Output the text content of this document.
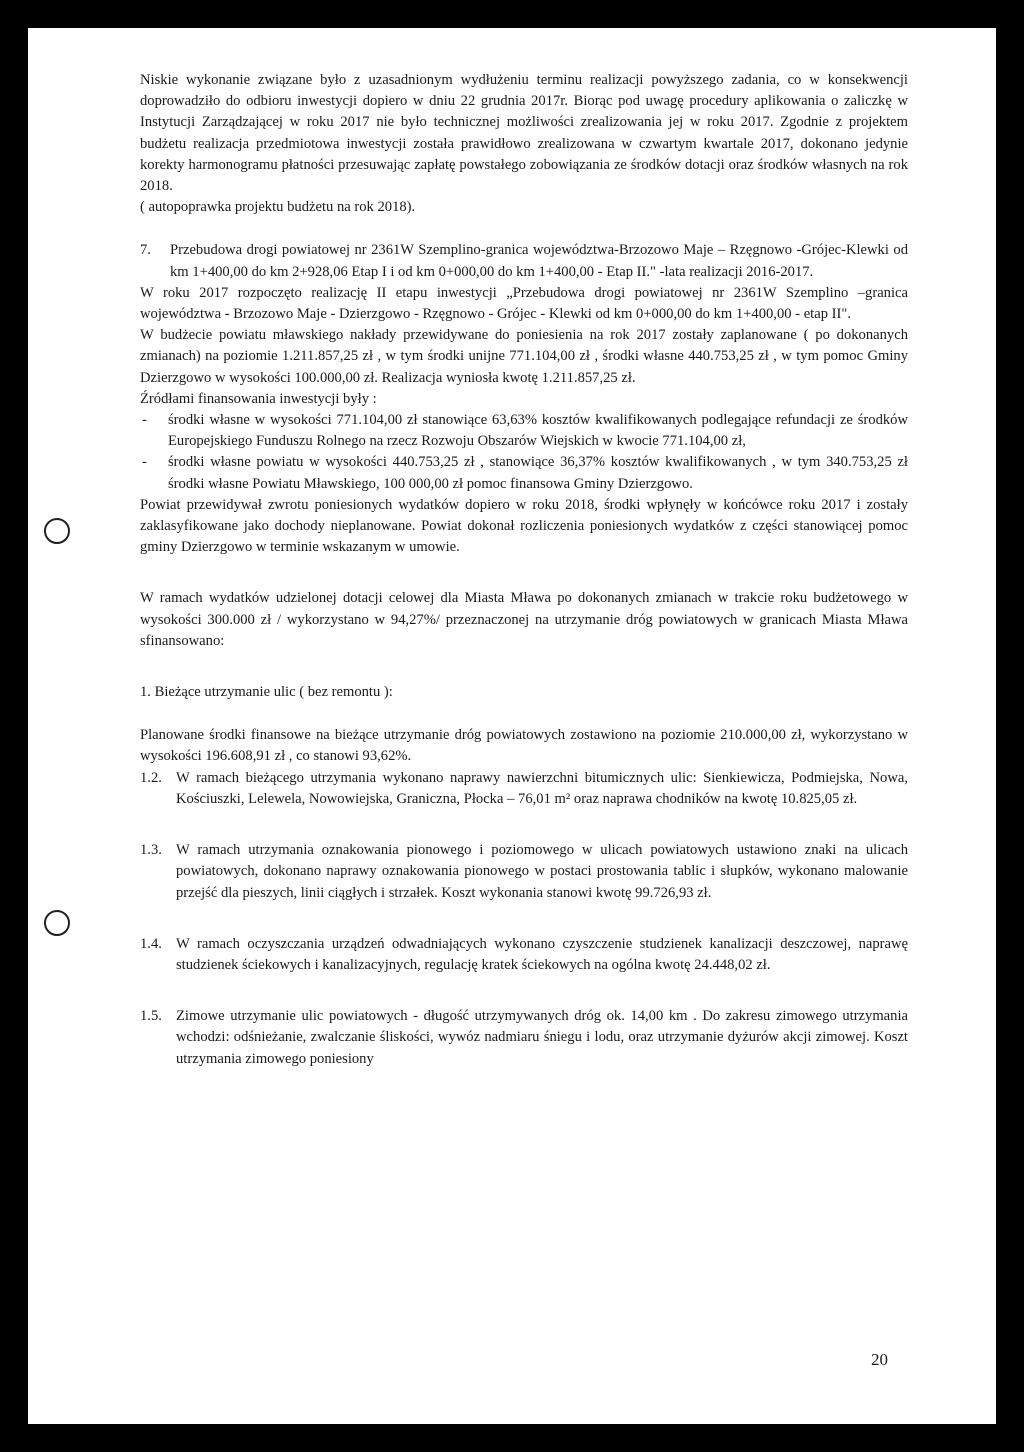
Niskie wykonanie związane było z uzasadnionym wydłużeniu terminu realizacji powyższego zadania, co w konsekwencji doprowadziło do odbioru inwestycji dopiero w dniu 22 grudnia 2017r. Biorąc pod uwagę procedury aplikowania o zaliczkę w Instytucji Zarządzającej w roku 2017 nie było technicznej możliwości zrealizowania jej w roku 2017. Zgodnie z projektem budżetu realizacja przedmiotowa inwestycji została prawidłowo zrealizowana w czwartym kwartale 2017, dokonano jedynie korekty harmonogramu płatności przesuwając zapłatę powstałego zobowiązania ze środków dotacji oraz środków własnych na rok 2018.

( autopoprawka projektu budżetu na rok 2018).

7.	Przebudowa drogi powiatowej nr 2361W Szemplino-granica województwa-Brzozowo Maje – Rzęgnowo -Grójec-Klewki od km 1+400,00 do km 2+928,06 Etap I i od km 0+000,00 do km 1+400,00 - Etap II." -lata realizacji 2016-2017.

W roku 2017 rozpoczęto realizację II etapu inwestycji „Przebudowa drogi powiatowej nr 2361W Szemplino –granica województwa - Brzozowo Maje - Dzierzgowo - Rzęgnowo - Grójec - Klewki od km 0+000,00 do km 1+400,00 - etap II".

W budżecie powiatu mławskiego nakłady przewidywane do poniesienia na rok 2017 zostały zaplanowane ( po dokonanych zmianach) na poziomie 1.211.857,25 zł , w tym środki unijne 771.104,00 zł , środki własne 440.753,25 zł , w tym pomoc Gminy Dzierzgowo w wysokości 100.000,00 zł. Realizacja wyniosła kwotę 1.211.857,25 zł.

Źródłami finansowania inwestycji były :

-	środki własne w wysokości 771.104,00 zł stanowiące 63,63% kosztów kwalifikowanych podlegające refundacji ze środków Europejskiego Funduszu Rolnego na rzecz Rozwoju Obszarów Wiejskich w kwocie 771.104,00 zł,
-	środki własne powiatu w wysokości 440.753,25 zł , stanowiące 36,37% kosztów kwalifikowanych , w tym 340.753,25 zł środki własne Powiatu Mławskiego, 100 000,00 zł pomoc finansowa Gminy Dzierzgowo.

Powiat przewidywał zwrotu poniesionych wydatków dopiero w roku 2018, środki wpłynęły w końcówce roku 2017 i zostały zaklasyfikowane jako dochody nieplanowane. Powiat dokonał rozliczenia poniesionych wydatków z części stanowiącej pomoc gminy Dzierzgowo w terminie wskazanym w umowie.

W ramach wydatków udzielonej dotacji celowej dla Miasta Mława po dokonanych zmianach w trakcie roku budżetowego w wysokości 300.000 zł / wykorzystano w 94,27%/ przeznaczonej na utrzymanie dróg powiatowych w granicach Miasta Mława sfinansowano:

1. Bieżące utrzymanie ulic ( bez remontu ):

Planowane środki finansowe na bieżące utrzymanie dróg powiatowych zostawiono na poziomie 210.000,00 zł, wykorzystano w wysokości 196.608,91 zł , co stanowi 93,62%.

1.2. W ramach bieżącego utrzymania wykonano naprawy nawierzchni bitumicznych ulic: Sienkiewicza, Podmiejska, Nowa, Kościuszki, Lelewela, Nowowiejska, Graniczna, Płocka – 76,01 m² oraz naprawa chodników na kwotę 10.825,05 zł.
1.3. W ramach utrzymania oznakowania pionowego i poziomowego w ulicach powiatowych ustawiono znaki na ulicach powiatowych, dokonano naprawy oznakowania pionowego w postaci prostowania tablic i słupków, wykonano malowanie przejść dla pieszych, linii ciągłych i strzałek. Koszt wykonania stanowi kwotę 99.726,93 zł.
1.4. W ramach oczyszczania urządzeń odwadniających wykonano czyszczenie studzienek kanalizacji deszczowej, naprawę studzienek ściekowych i kanalizacyjnych, regulację kratek ściekowych na ogólna kwotę 24.448,02 zł.
1.5. Zimowe utrzymanie ulic powiatowych - długość utrzymywanych dróg ok. 14,00 km . Do zakresu zimowego utrzymania wchodzi: odśnieżanie, zwalczanie śliskości, wywóz nadmiaru śniegu i lodu, oraz utrzymanie dyżurów akcji zimowej. Koszt utrzymania zimowego poniesiony
20
